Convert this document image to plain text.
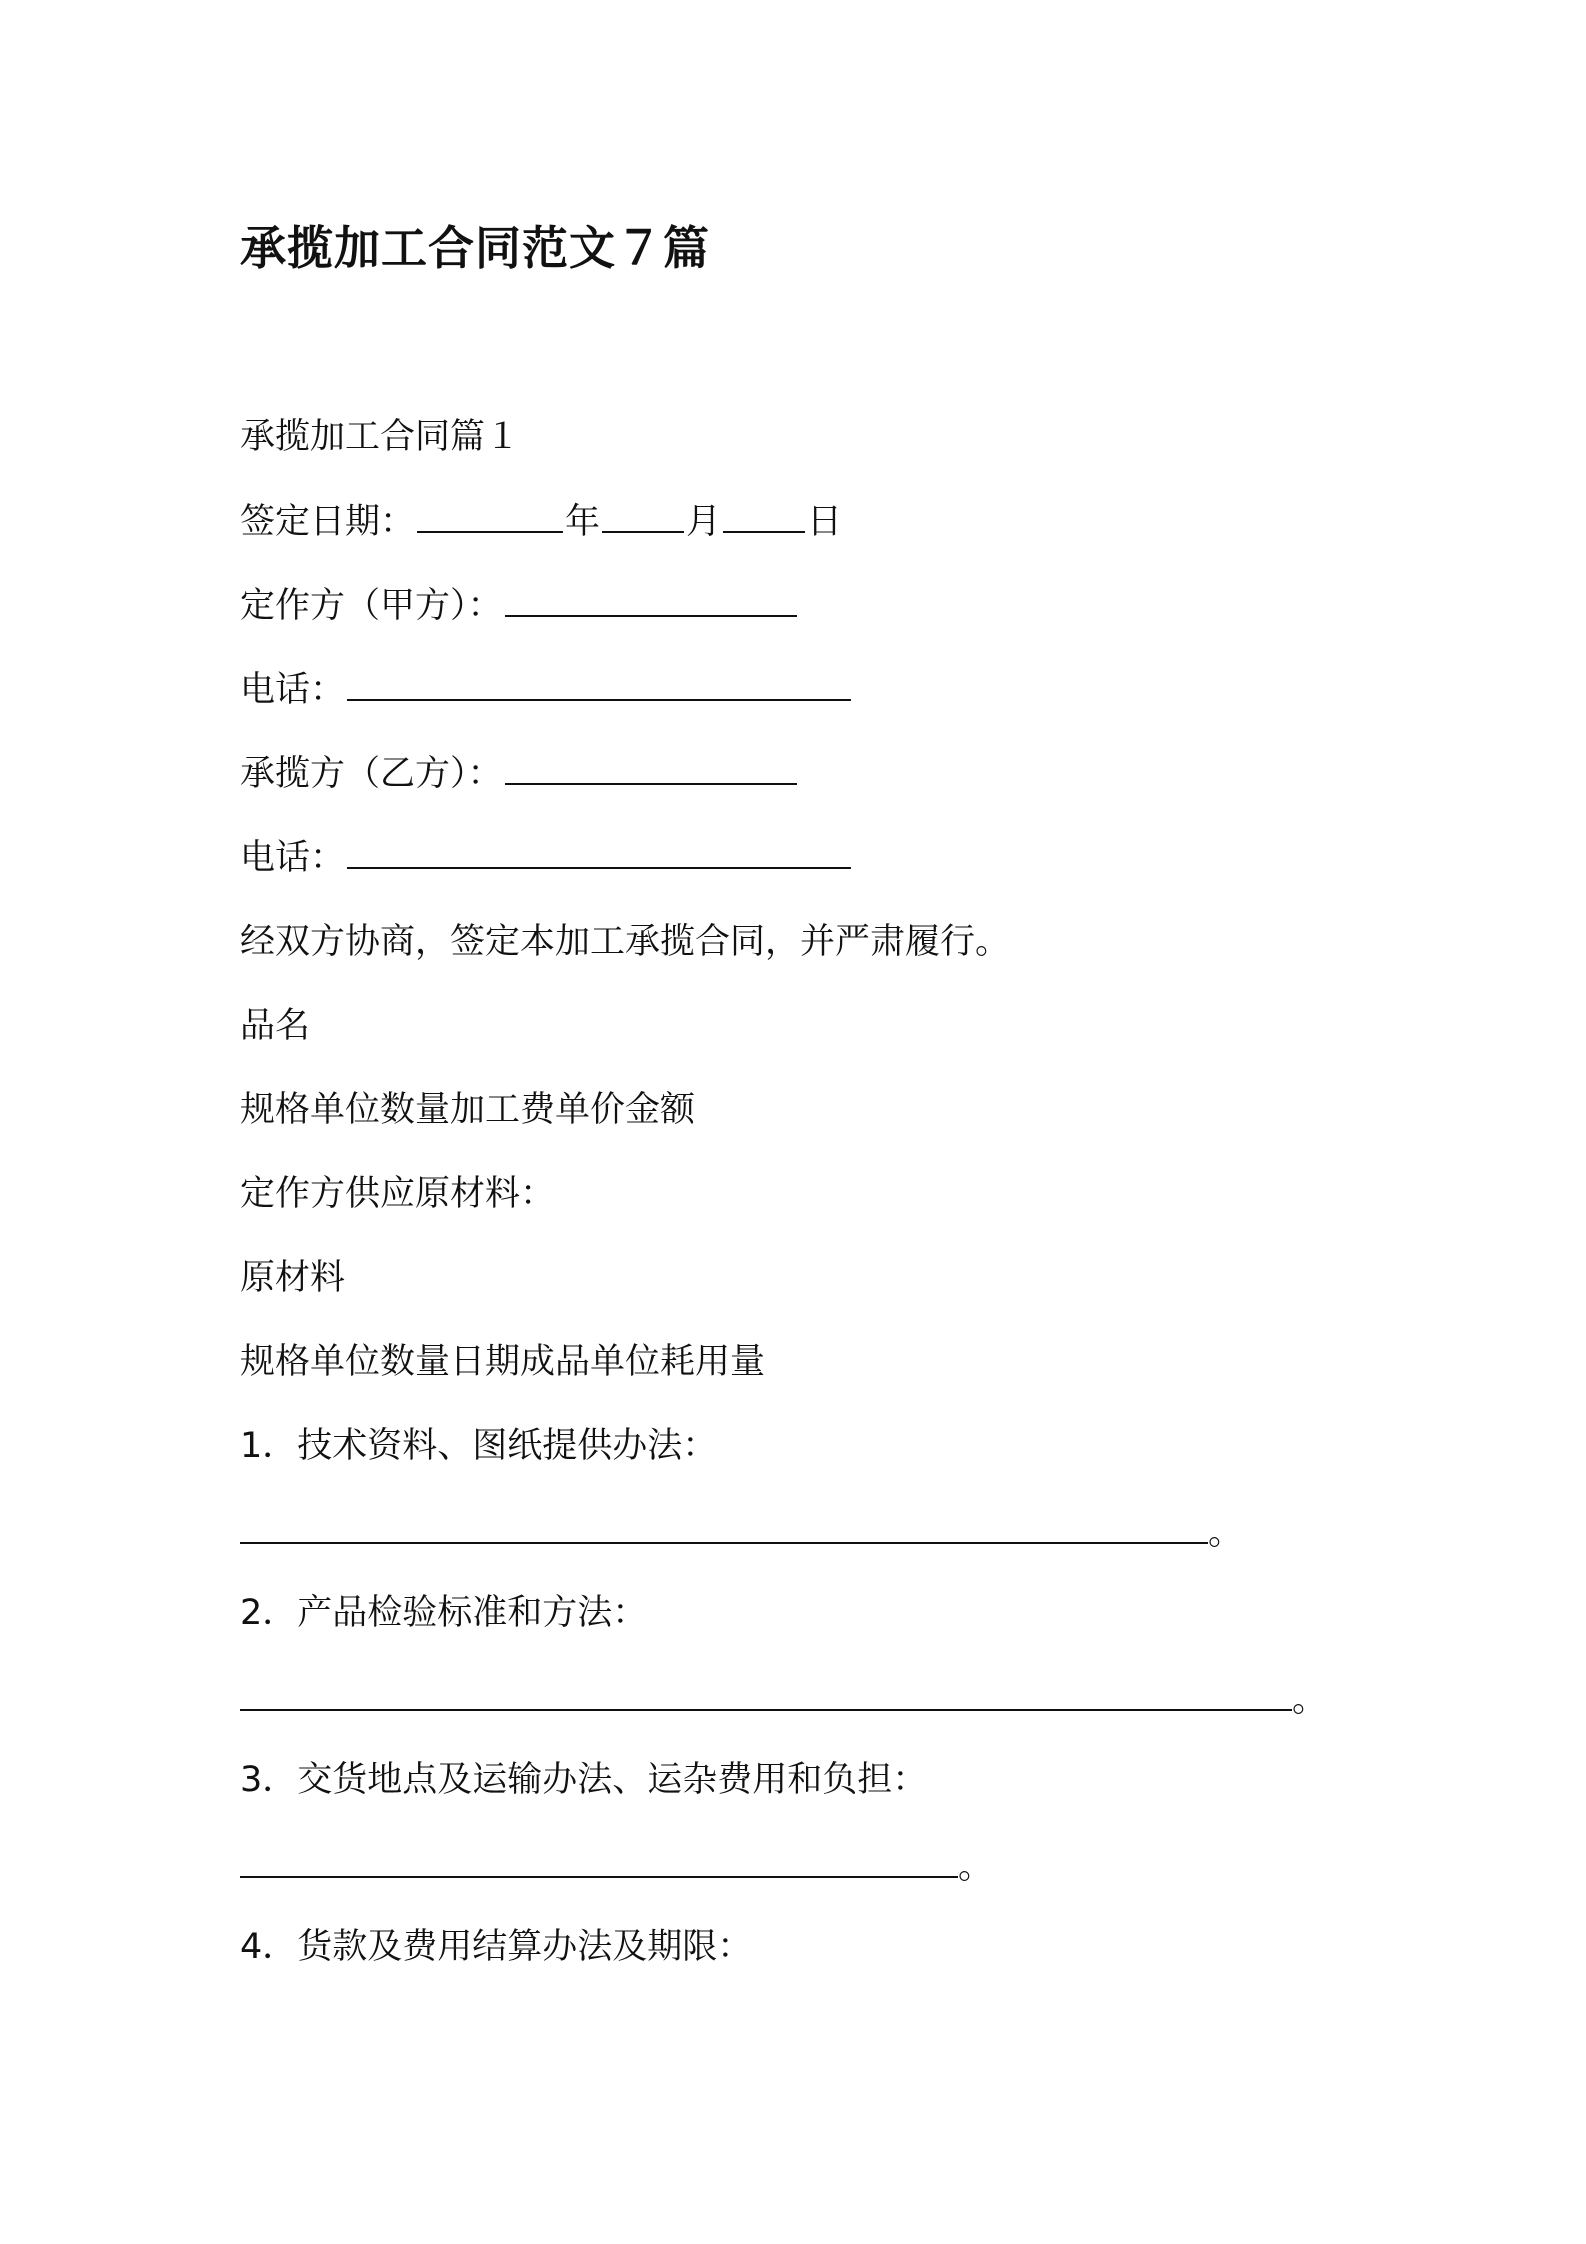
承揽加工合同范文７篇
承揽加工合同篇１
签定日期：	年 月 日
定作方（甲方）：
电话：
承揽方（乙方）：
电话：
经双方协商，签定本加工承揽合同，并严肃履行。
品名
规格单位数量加工费单价金额
定作方供应原材料：
原材料
规格单位数量日期成品单位耗用量
1．技术资料、图纸提供办法：
。
2．产品检验标准和方法：
。
3．交货地点及运输办法、运杂费用和负担：
。
4．货款及费用结算办法及期限：
